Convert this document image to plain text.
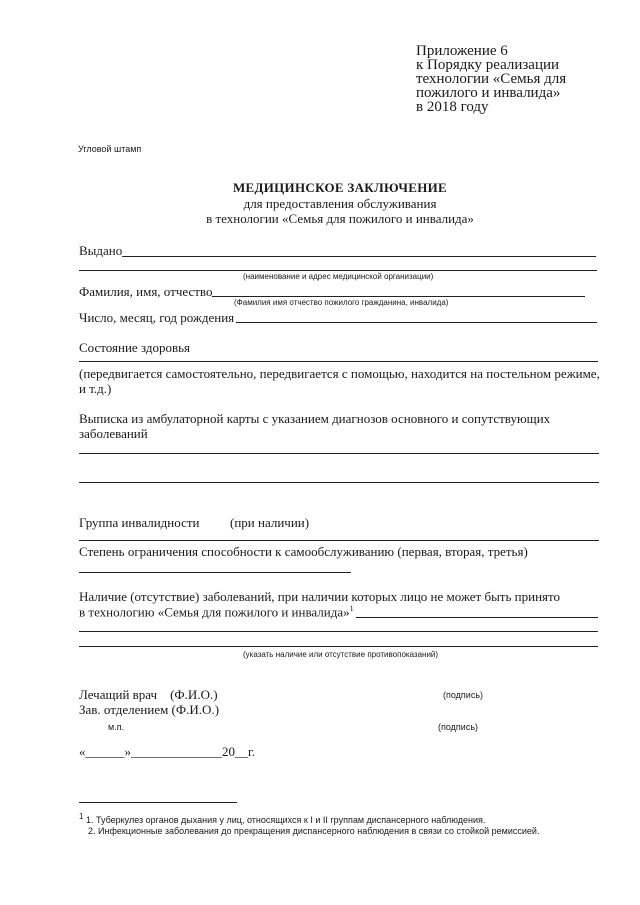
Приложение 6
к Порядку реализации
технологии «Семья для
пожилого и инвалида»
в 2018 году
Угловой штамп
МЕДИЦИНСКОЕ ЗАКЛЮЧЕНИЕ
для предоставления обслуживания
в технологии «Семья для пожилого и инвалида»
Выдано
(наименование и адрес медицинской организации)
Фамилия, имя, отчество
(Фамилия имя отчество пожилого гражданина, инвалида)
Число, месяц, год рождения
Состояние здоровья
(передвигается самостоятельно, передвигается с помощью, находится на постельном режиме, и т.д.)
Выписка из амбулаторной карты с указанием диагнозов основного и сопутствующих заболеваний
Группа инвалидности (при наличии)
Степень ограничения способности к самообслуживанию (первая, вторая, третья)
Наличие (отсутствие) заболеваний, при наличии которых лицо не может быть принято
в технологию «Семья для пожилого и инвалида»$^1$
(указать наличие или отсутствие противопоказаний)
Лечащий врач    (Ф.И.О.)	(подпись)
Зав. отделением (Ф.И.О.)
м.п.	(подпись)
«______»______________20__г.
$^1$ 1. Туберкулез органов дыхания у лиц, относящихся к I и II группам диспансерного наблюдения.
2. Инфекционные заболевания до прекращения диспансерного наблюдения в связи со стойкой ремиссией.
